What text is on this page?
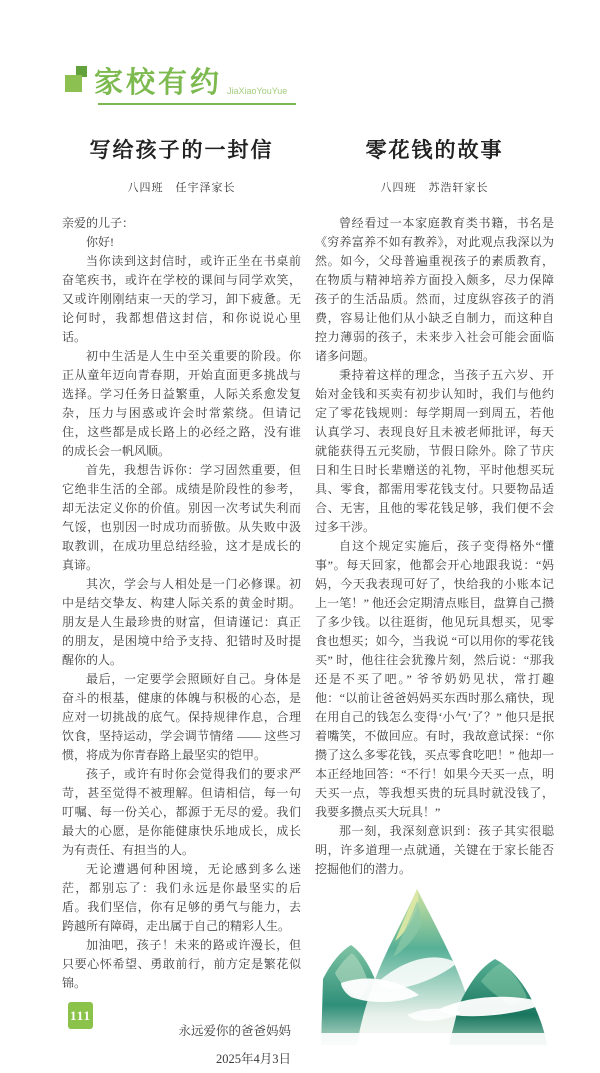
家校有约 JiaXiaoYouYue
写给孩子的一封信
八四班　任宇泽家长

亲爱的儿子：

你好!

当你读到这封信时，或许正坐在书桌前奋笔疾书，或许在学校的课间与同学欢笑，又或许刚刚结束一天的学习，卸下疲惫。无论何时，我都想借这封信，和你说说心里话。

初中生活是人生中至关重要的阶段。你正从童年迈向青春期，开始直面更多挑战与选择。学习任务日益繁重，人际关系愈发复杂，压力与困惑或许会时常萦绕。但请记住，这些都是成长路上的必经之路，没有谁的成长会一帆风顺。

首先，我想告诉你：学习固然重要，但它绝非生活的全部。成绩是阶段性的参考，却无法定义你的价值。别因一次考试失利而气馁，也别因一时成功而骄傲。从失败中汲取教训，在成功里总结经验，这才是成长的真谛。

其次，学会与人相处是一门必修课。初中是结交挚友、构建人际关系的黄金时期。朋友是人生最珍贵的财富，但请谨记：真正的朋友，是困境中给予支持、犯错时及时提醒你的人。

最后，一定要学会照顾好自己。身体是奋斗的根基，健康的体魄与积极的心态，是应对一切挑战的底气。保持规律作息，合理饮食，坚持运动，学会调节情绪 —— 这些习惯，将成为你青春路上最坚实的铠甲。

孩子，或许有时你会觉得我们的要求严苛，甚至觉得不被理解。但请相信，每一句叮嘱、每一份关心，都源于无尽的爱。我们最大的心愿，是你能健康快乐地成长，成长为有责任、有担当的人。

无论遭遇何种困境，无论感到多么迷茫，都别忘了：我们永远是你最坚实的后盾。我们坚信，你有足够的勇气与能力，去跨越所有障碍，走出属于自己的精彩人生。

加油吧，孩子！未来的路或许漫长，但只要心怀希望、勇敢前行，前方定是繁花似锦。

永远爱你的爸爸妈妈
2025年4月3日
零花钱的故事
八四班　苏浩轩家长

曾经看过一本家庭教育类书籍，书名是《穷养富养不如有教养》，对此观点我深以为然。如今，父母普遍重视孩子的素质教育，在物质与精神培养方面投入颇多，尽力保障孩子的生活品质。然而，过度纵容孩子的消费，容易让他们从小缺乏自制力，而这种自控力薄弱的孩子，未来步入社会可能会面临诸多问题。

秉持着这样的理念，当孩子五六岁、开始对金钱和买卖有初步认知时，我们与他约定了零花钱规则：每学期周一到周五，若他认真学习、表现良好且未被老师批评，每天就能获得五元奖励，节假日除外。除了节庆日和生日时长辈赠送的礼物，平时他想买玩具、零食，都需用零花钱支付。只要物品适合、无害，且他的零花钱足够，我们便不会过多干涉。

自这个规定实施后，孩子变得格外“懂事”。每天回家，他都会开心地跟我说：“妈妈，今天我表现可好了，快给我的小账本记上一笔！” 他还会定期清点账目，盘算自己攒了多少钱。以往逛街，他见玩具想买，见零食也想买；如今，当我说 “可以用你的零花钱买” 时，他往往会犹豫片刻，然后说：“那我还是不买了吧。” 爷爷奶奶见状，常打趣他：“以前让爸爸妈妈买东西时那么痛快，现在用自己的钱怎么变得‘小气’了？” 他只是抿着嘴笑，不做回应。有时，我故意试探：“你攒了这么多零花钱，买点零食吃吧！” 他却一本正经地回答：“不行！如果今天买一点，明天买一点，等我想买贵的玩具时就没钱了，我要多攒点买大玩具！”

那一刻，我深刻意识到：孩子其实很聪明，许多道理一点就通，关键在于家长能否挖掘他们的潜力。

111
